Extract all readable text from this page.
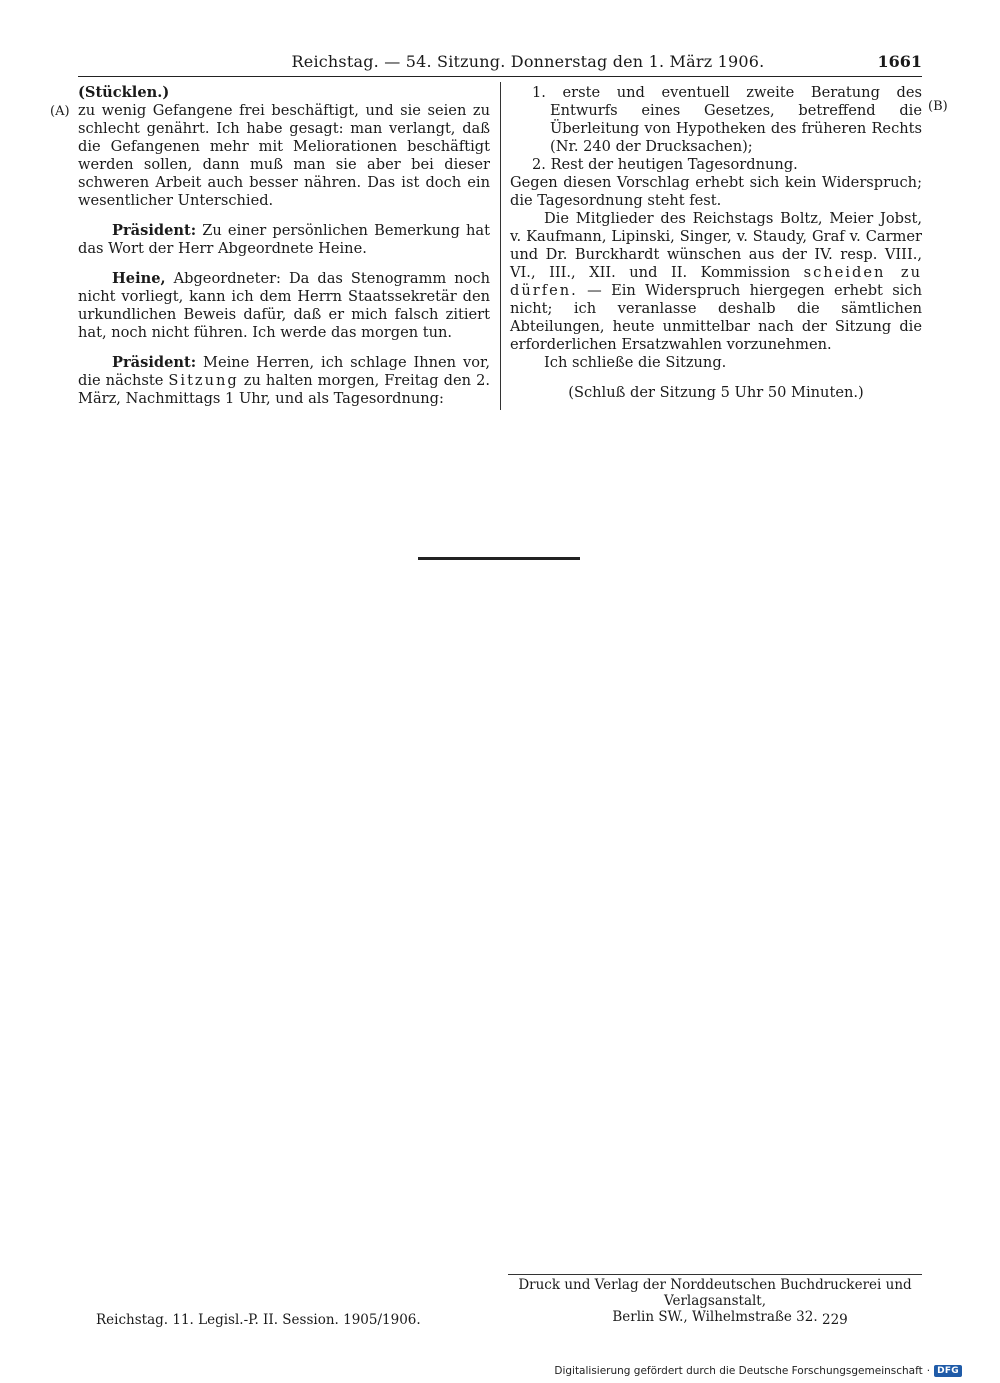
Reichstag. — 54. Sitzung. Donnerstag den 1. März 1906.	1661
(A)	(B)

(Stücklen.)

zu wenig Gefangene frei beschäftigt, und sie seien zu schlecht genährt. Ich habe gesagt: man verlangt, daß die Gefangenen mehr mit Meliorationen beschäftigt werden sollen, dann muß man sie aber bei dieser schweren Arbeit auch besser nähren. Das ist doch ein wesentlicher Unterschied.

Präsident: Zu einer persönlichen Bemerkung hat das Wort der Herr Abgeordnete Heine.

Heine, Abgeordneter: Da das Stenogramm noch nicht vorliegt, kann ich dem Herrn Staatssekretär den urkundlichen Beweis dafür, daß er mich falsch zitiert hat, noch nicht führen. Ich werde das morgen tun.

Präsident: Meine Herren, ich schlage Ihnen vor, die nächste Sitzung zu halten morgen, Freitag den 2. März, Nachmittags 1 Uhr, und als Tagesordnung:

1. erste und eventuell zweite Beratung des Entwurfs eines Gesetzes, betreffend die Überleitung von Hypotheken des früheren Rechts (Nr. 240 der Drucksachen);

2. Rest der heutigen Tagesordnung.

Gegen diesen Vorschlag erhebt sich kein Widerspruch; die Tagesordnung steht fest.

Die Mitglieder des Reichstags Boltz, Meier Jobst, v. Kaufmann, Lipinski, Singer, v. Staudy, Graf v. Carmer und Dr. Burckhardt wünschen aus der IV. resp. VIII., VI., III., XII. und II. Kommission scheiden zu dürfen. — Ein Widerspruch hiergegen erhebt sich nicht; ich veranlasse deshalb die sämtlichen Abteilungen, heute unmittelbar nach der Sitzung die erforderlichen Ersatzwahlen vorzunehmen.

Ich schließe die Sitzung.

(Schluß der Sitzung 5 Uhr 50 Minuten.)

Druck und Verlag der Norddeutschen Buchdruckerei und Verlagsanstalt,
Berlin SW., Wilhelmstraße 32.
Reichstag. 11. Legisl.-P. II. Session. 1905/1906.	229
Digitalisierung gefördert durch die Deutsche Forschungsgemeinschaft · DFG
